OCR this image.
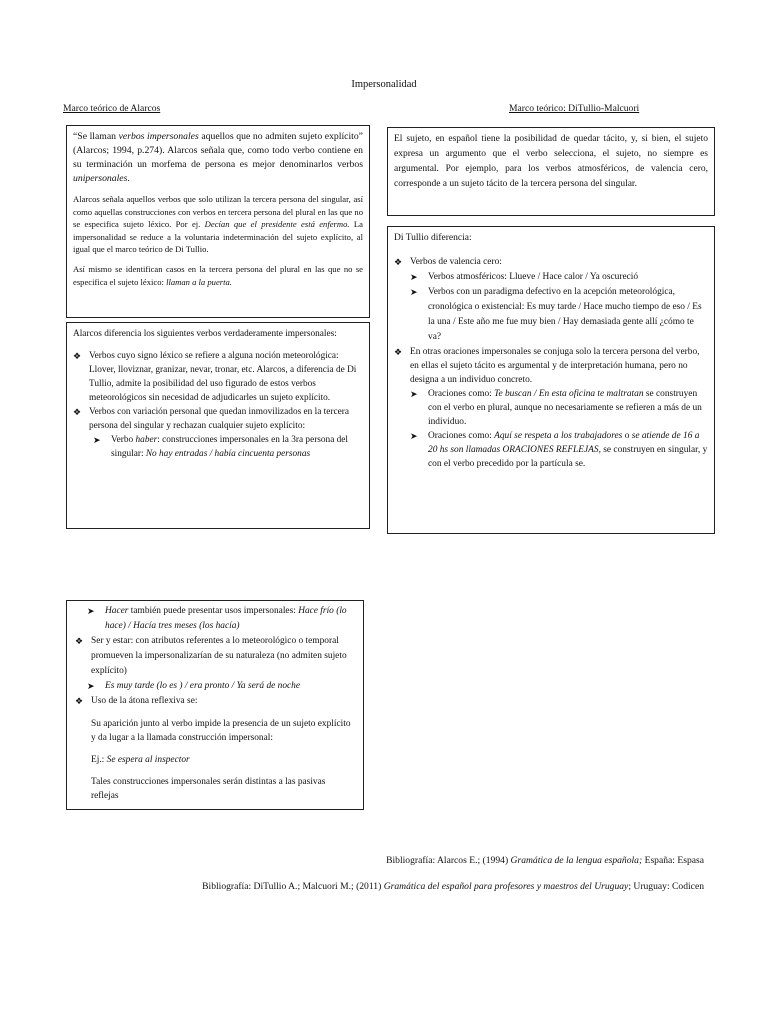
Impersonalidad
Marco teórico de Alarcos	Marco teórico: DiTullio-Malcuori

“Se llaman verbos impersonales aquellos que no admiten sujeto explícito” (Alarcos; 1994, p.274). Alarcos señala que, como todo verbo contiene en su terminación un morfema de persona es mejor denominarlos verbos unipersonales.

Alarcos señala aquellos verbos que solo utilizan la tercera persona del singular, así como aquellas construcciones con verbos en tercera persona del plural en las que no se especifica sujeto léxico. Por ej. Decían que el presidente está enfermo. La impersonalidad se reduce a la voluntaria indeterminación del sujeto explícito, al igual que el marco teórico de Di Tullio.

Así mismo se identifican casos en la tercera persona del plural en las que no se especifica el sujeto léxico: llaman a la puerta.

Alarcos diferencia los siguientes verbos verdaderamente impersonales:

❖ Verbos cuyo signo léxico se refiere a alguna noción meteorológica: Llover, lloviznar, granizar, nevar, tronar, etc. Alarcos, a diferencia de Di Tullio, admite la posibilidad del uso figurado de estos verbos meteorológicos sin necesidad de adjudicarles un sujeto explícito.
❖ Verbos con variación personal que quedan inmovilizados en la tercera persona del singular y rechazan cualquier sujeto explícito:
➤ Verbo haber: construcciones impersonales en la 3ra persona del singular: No hay entradas / había cincuenta personas

El sujeto, en español tiene la posibilidad de quedar tácito, y, si bien, el sujeto expresa un argumento que el verbo selecciona, el sujeto, no siempre es argumental. Por ejemplo, para los verbos atmosféricos, de valencia cero, corresponde a un sujeto tácito de la tercera persona del singular.

Di Tullio diferencia:

❖ Verbos de valencia cero:
➤ Verbos atmosféricos: Llueve / Hace calor / Ya oscureció
➤ Verbos con un paradigma defectivo en la acepción meteorológica, cronológica o existencial: Es muy tarde / Hace mucho tiempo de eso / Es la una / Este año me fue muy bien / Hay demasiada gente allí ¿cómo te va?
❖ En otras oraciones impersonales se conjuga solo la tercera persona del verbo, en ellas el sujeto tácito es argumental y de interpretación humana, pero no designa a un individuo concreto.
➤ Oraciones como: Te buscan / En esta oficina te maltratan se construyen con el verbo en plural, aunque no necesariamente se refieren a más de un individuo.
➤ Oraciones como: Aquí se respeta a los trabajadores o se atiende de 16 a 20 hs son llamadas ORACIONES REFLEJAS, se construyen en singular, y con el verbo precedido por la partícula se.
➤ Hacer también puede presentar usos impersonales: Hace frío (lo hace) / Hacía tres meses (los hacía)
❖ Ser y estar: con atributos referentes a lo meteorológico o temporal promueven la impersonalizarían de su naturaleza (no admiten sujeto explícito)
➤ Es muy tarde (lo es ) / era pronto / Ya será de noche
❖ Uso de la átona reflexiva se:

Su aparición junto al verbo impide la presencia de un sujeto explícito y da lugar a la llamada construcción impersonal:

Ej.: Se espera al inspector

Tales construcciones impersonales serán distintas a las pasivas reflejas

Bibliografía: Alarcos E.; (1994) Gramática de la lengua española; España: Espasa
Bibliografía: DiTullio A.; Malcuori M.; (2011) Gramática del español para profesores y maestros del Uruguay; Uruguay: Codicen
